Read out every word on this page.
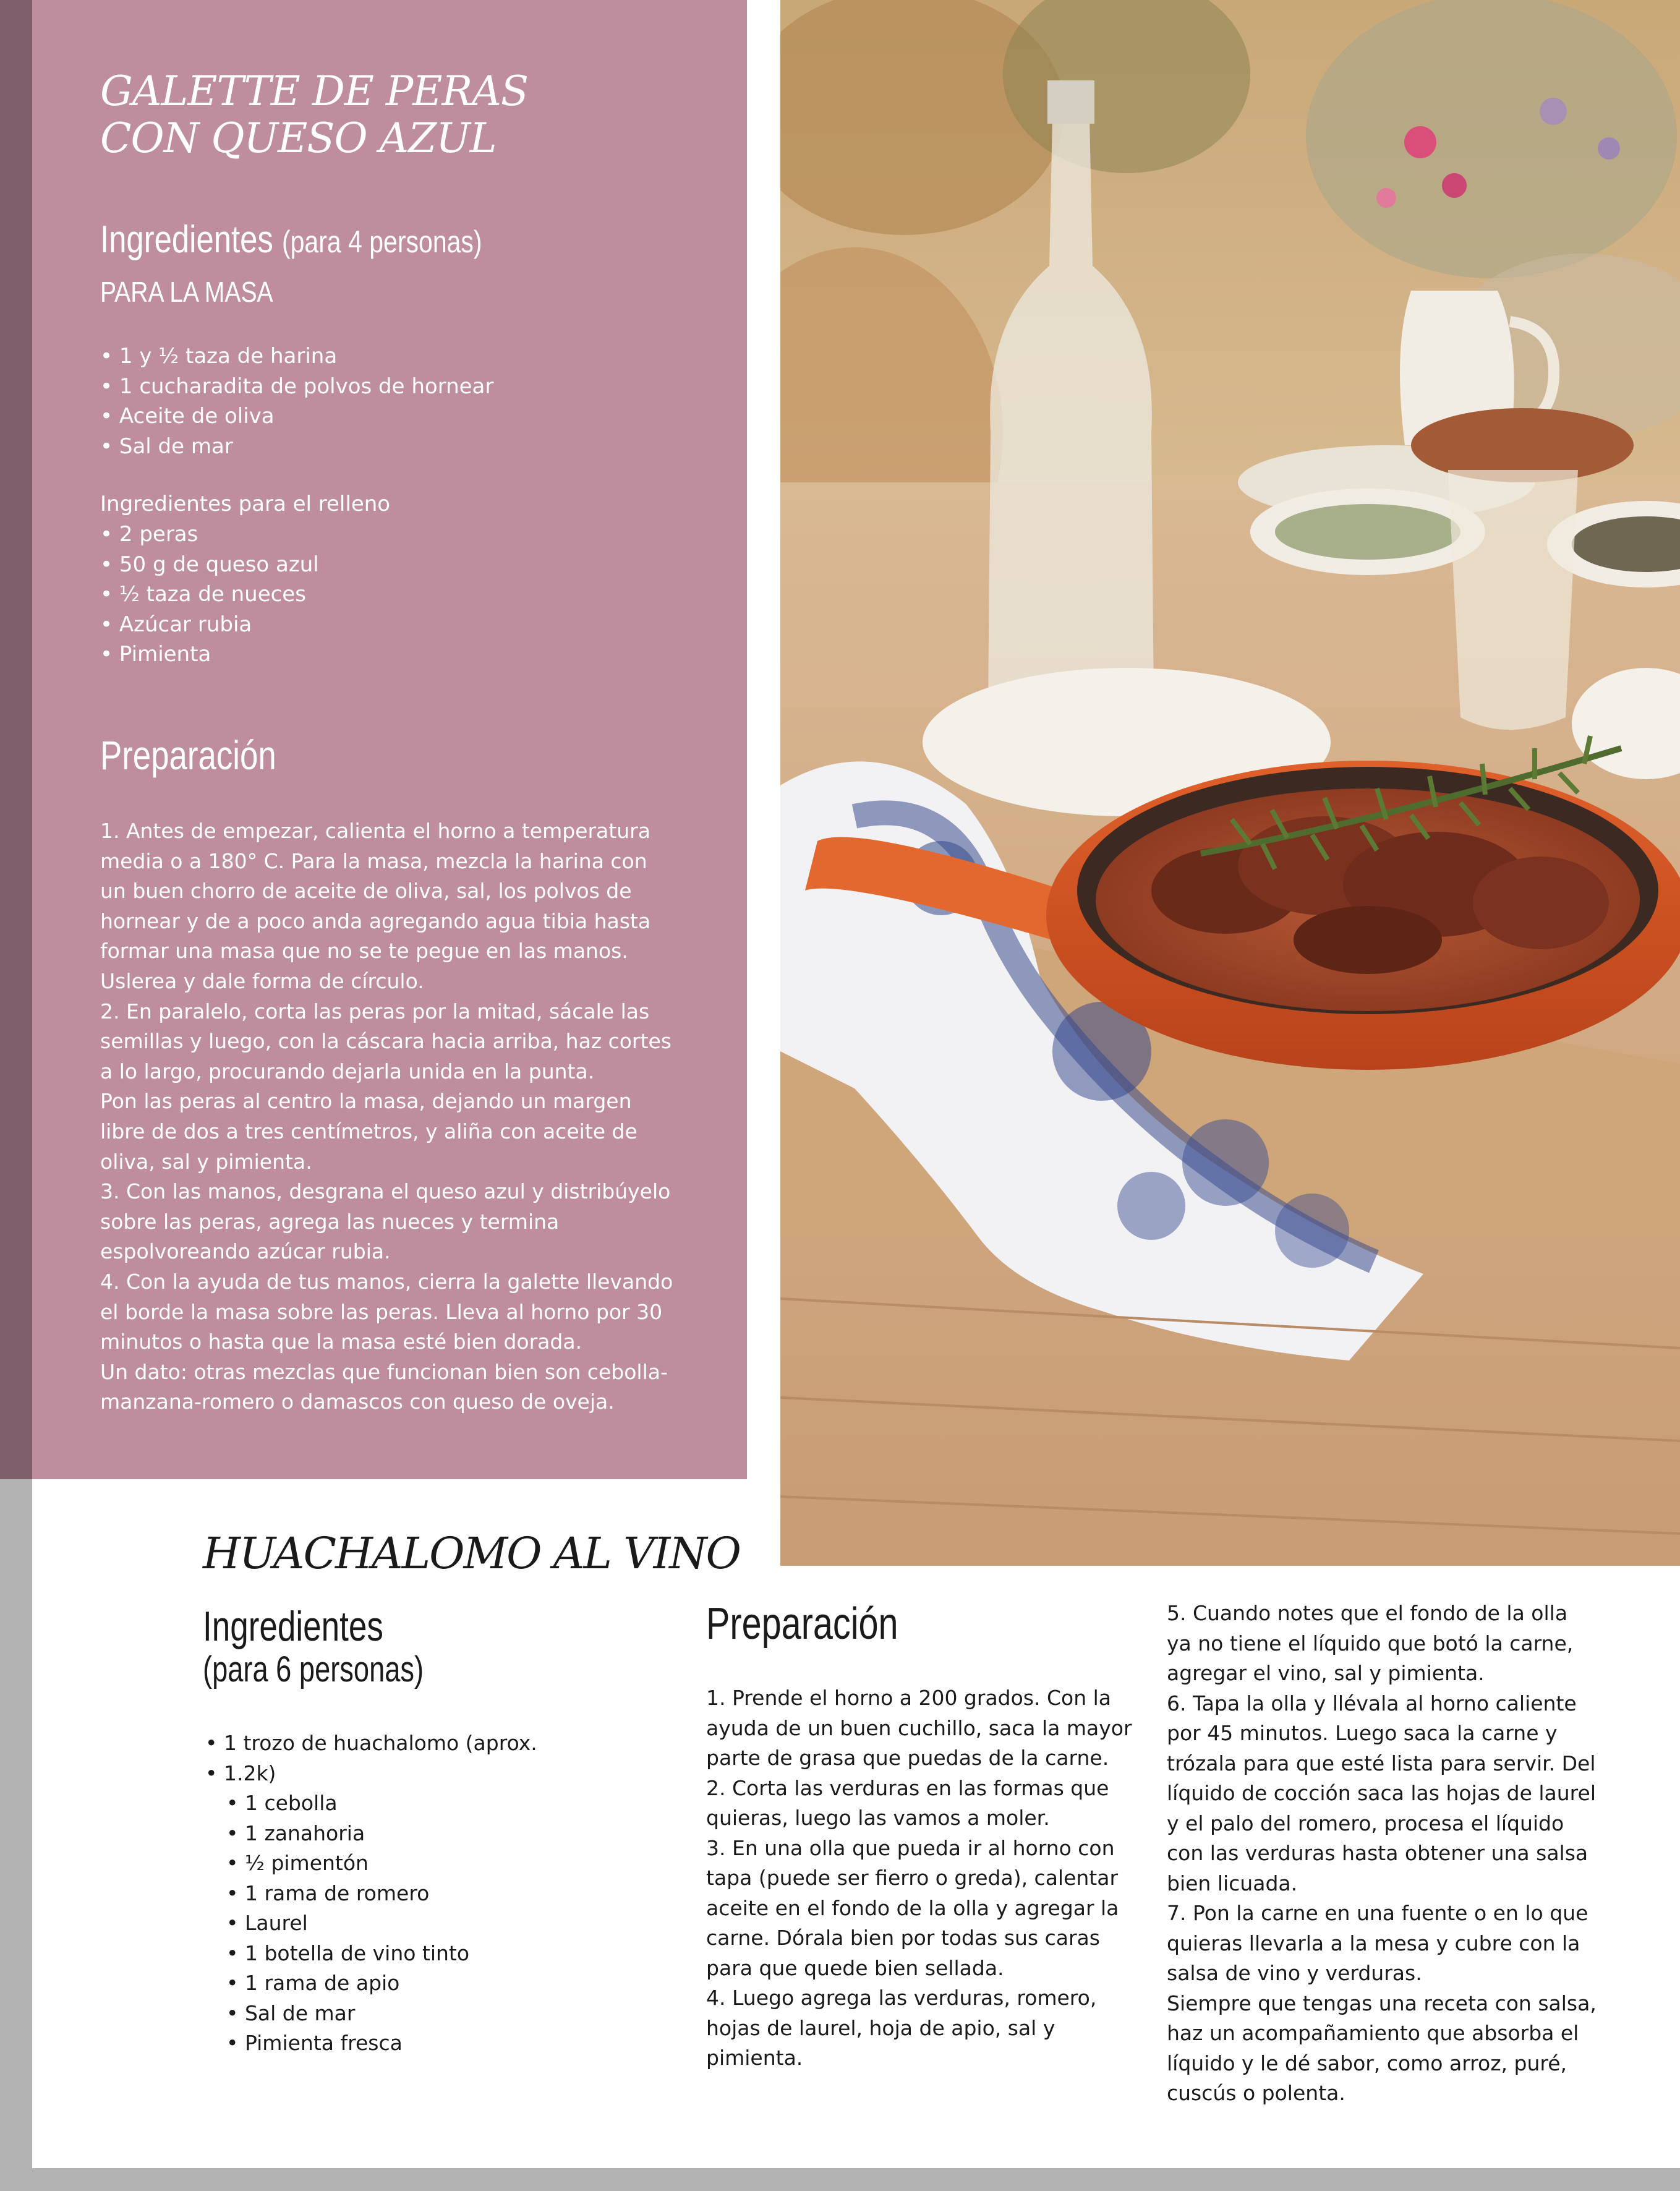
GALETTE DE PERAS
CON QUESO AZUL
Ingredientes (para 4 personas)
PARA LA MASA
• 1 y ½ taza de harina
• 1 cucharadita de polvos de hornear
• Aceite de oliva
• Sal de mar

Ingredientes para el relleno

• 2 peras
• 50 g de queso azul
• ½ taza de nueces
• Azúcar rubia
• Pimienta
Preparación

1. Antes de empezar, calienta el horno a temperatura

media o a 180° C. Para la masa, mezcla la harina con

un buen chorro de aceite de oliva, sal, los polvos de

hornear y de a poco anda agregando agua tibia hasta

formar una masa que no se te pegue en las manos.

Uslerea y dale forma de círculo.

2. En paralelo, corta las peras por la mitad, sácale las

semillas y luego, con la cáscara hacia arriba, haz cortes

a lo largo, procurando dejarla unida en la punta.

Pon las peras al centro la masa, dejando un margen

libre de dos a tres centímetros, y aliña con aceite de

oliva, sal y pimienta.

3. Con las manos, desgrana el queso azul y distribúyelo

sobre las peras, agrega las nueces y termina

espolvoreando azúcar rubia.

4. Con la ayuda de tus manos, cierra la galette llevando

el borde la masa sobre las peras. Lleva al horno por 30

minutos o hasta que la masa esté bien dorada.

Un dato: otras mezclas que funcionan bien son cebolla-

manzana-romero o damascos con queso de oveja.

HUACHALOMO AL VINO
Ingredientes
(para 6 personas)
• 1 trozo de huachalomo (aprox.
• 1.2k)
• 1 cebolla
• 1 zanahoria
• ½ pimentón
• 1 rama de romero
• Laurel
• 1 botella de vino tinto
• 1 rama de apio
• Sal de mar
• Pimienta fresca
Preparación

1. Prende el horno a 200 grados. Con la

ayuda de un buen cuchillo, saca la mayor

parte de grasa que puedas de la carne.

2. Corta las verduras en las formas que

quieras, luego las vamos a moler.

3. En una olla que pueda ir al horno con

tapa (puede ser fierro o greda), calentar

aceite en el fondo de la olla y agregar la

carne. Dórala bien por todas sus caras

para que quede bien sellada.

4. Luego agrega las verduras, romero,

hojas de laurel, hoja de apio, sal y

pimienta.

5. Cuando notes que el fondo de la olla

ya no tiene el líquido que botó la carne,

agregar el vino, sal y pimienta.

6. Tapa la olla y llévala al horno caliente

por 45 minutos. Luego saca la carne y

trózala para que esté lista para servir. Del

líquido de cocción saca las hojas de laurel

y el palo del romero, procesa el líquido

con las verduras hasta obtener una salsa

bien licuada.

7. Pon la carne en una fuente o en lo que

quieras llevarla a la mesa y cubre con la

salsa de vino y verduras.

Siempre que tengas una receta con salsa,

haz un acompañamiento que absorba el

líquido y le dé sabor, como arroz, puré,

cuscús o polenta.
